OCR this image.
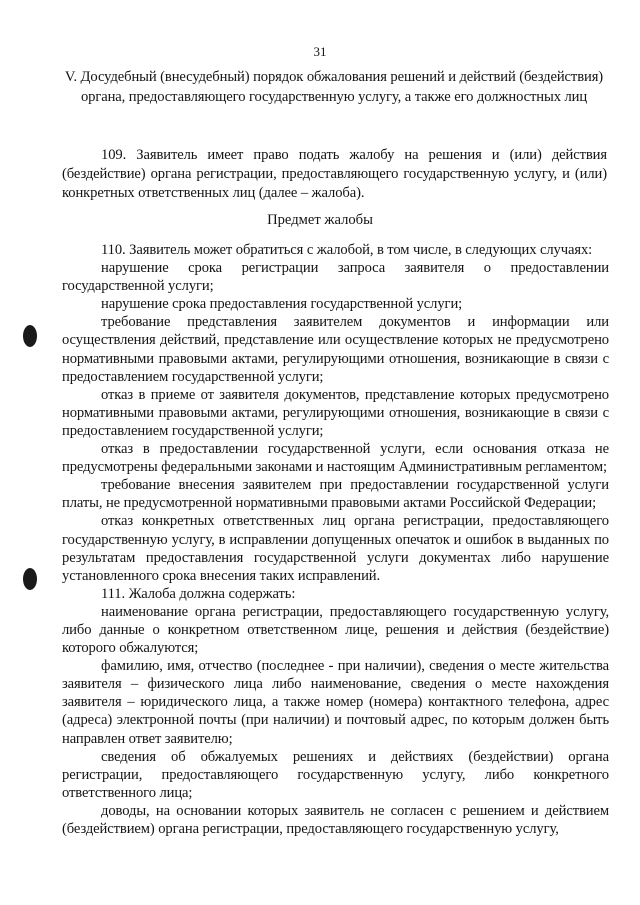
31
V. Досудебный (внесудебный) порядок обжалования решений и действий (бездействия) органа, предоставляющего государственную услугу, а также его должностных лиц

109. Заявитель имеет право подать жалобу на решения и (или) действия (бездействие) органа регистрации, предоставляющего государственную услугу, и (или) конкретных ответственных лиц (далее – жалоба).

Предмет жалобы

110. Заявитель может обратиться с жалобой, в том числе, в следующих случаях:

нарушение срока регистрации запроса заявителя о предоставлении государственной услуги;

нарушение срока предоставления государственной услуги;

требование представления заявителем документов и информации или осуществления действий, представление или осуществление которых не предусмотрено нормативными правовыми актами, регулирующими отношения, возникающие в связи с предоставлением государственной услуги;

отказ в приеме от заявителя документов, представление которых предусмотрено нормативными правовыми актами, регулирующими отношения, возникающие в связи с предоставлением государственной услуги;

отказ в предоставлении государственной услуги, если основания отказа не предусмотрены федеральными законами и настоящим Административным регламентом;

требование внесения заявителем при предоставлении государственной услуги платы, не предусмотренной нормативными правовыми актами Российской Федерации;

отказ конкретных ответственных лиц органа регистрации, предоставляющего государственную услугу, в исправлении допущенных опечаток и ошибок в выданных по результатам предоставления государственной услуги документах либо нарушение установленного срока внесения таких исправлений.

111. Жалоба должна содержать:

наименование органа регистрации, предоставляющего государственную услугу, либо данные о конкретном ответственном лице, решения и действия (бездействие) которого обжалуются;

фамилию, имя, отчество (последнее - при наличии), сведения о месте жительства заявителя – физического лица либо наименование, сведения о месте нахождения заявителя – юридического лица, а также номер (номера) контактного телефона, адрес (адреса) электронной почты (при наличии) и почтовый адрес, по которым должен быть направлен ответ заявителю;

сведения об обжалуемых решениях и действиях (бездействии) органа регистрации, предоставляющего государственную услугу, либо конкретного ответственного лица;

доводы, на основании которых заявитель не согласен с решением и действием (бездействием) органа регистрации, предоставляющего государственную услугу,
